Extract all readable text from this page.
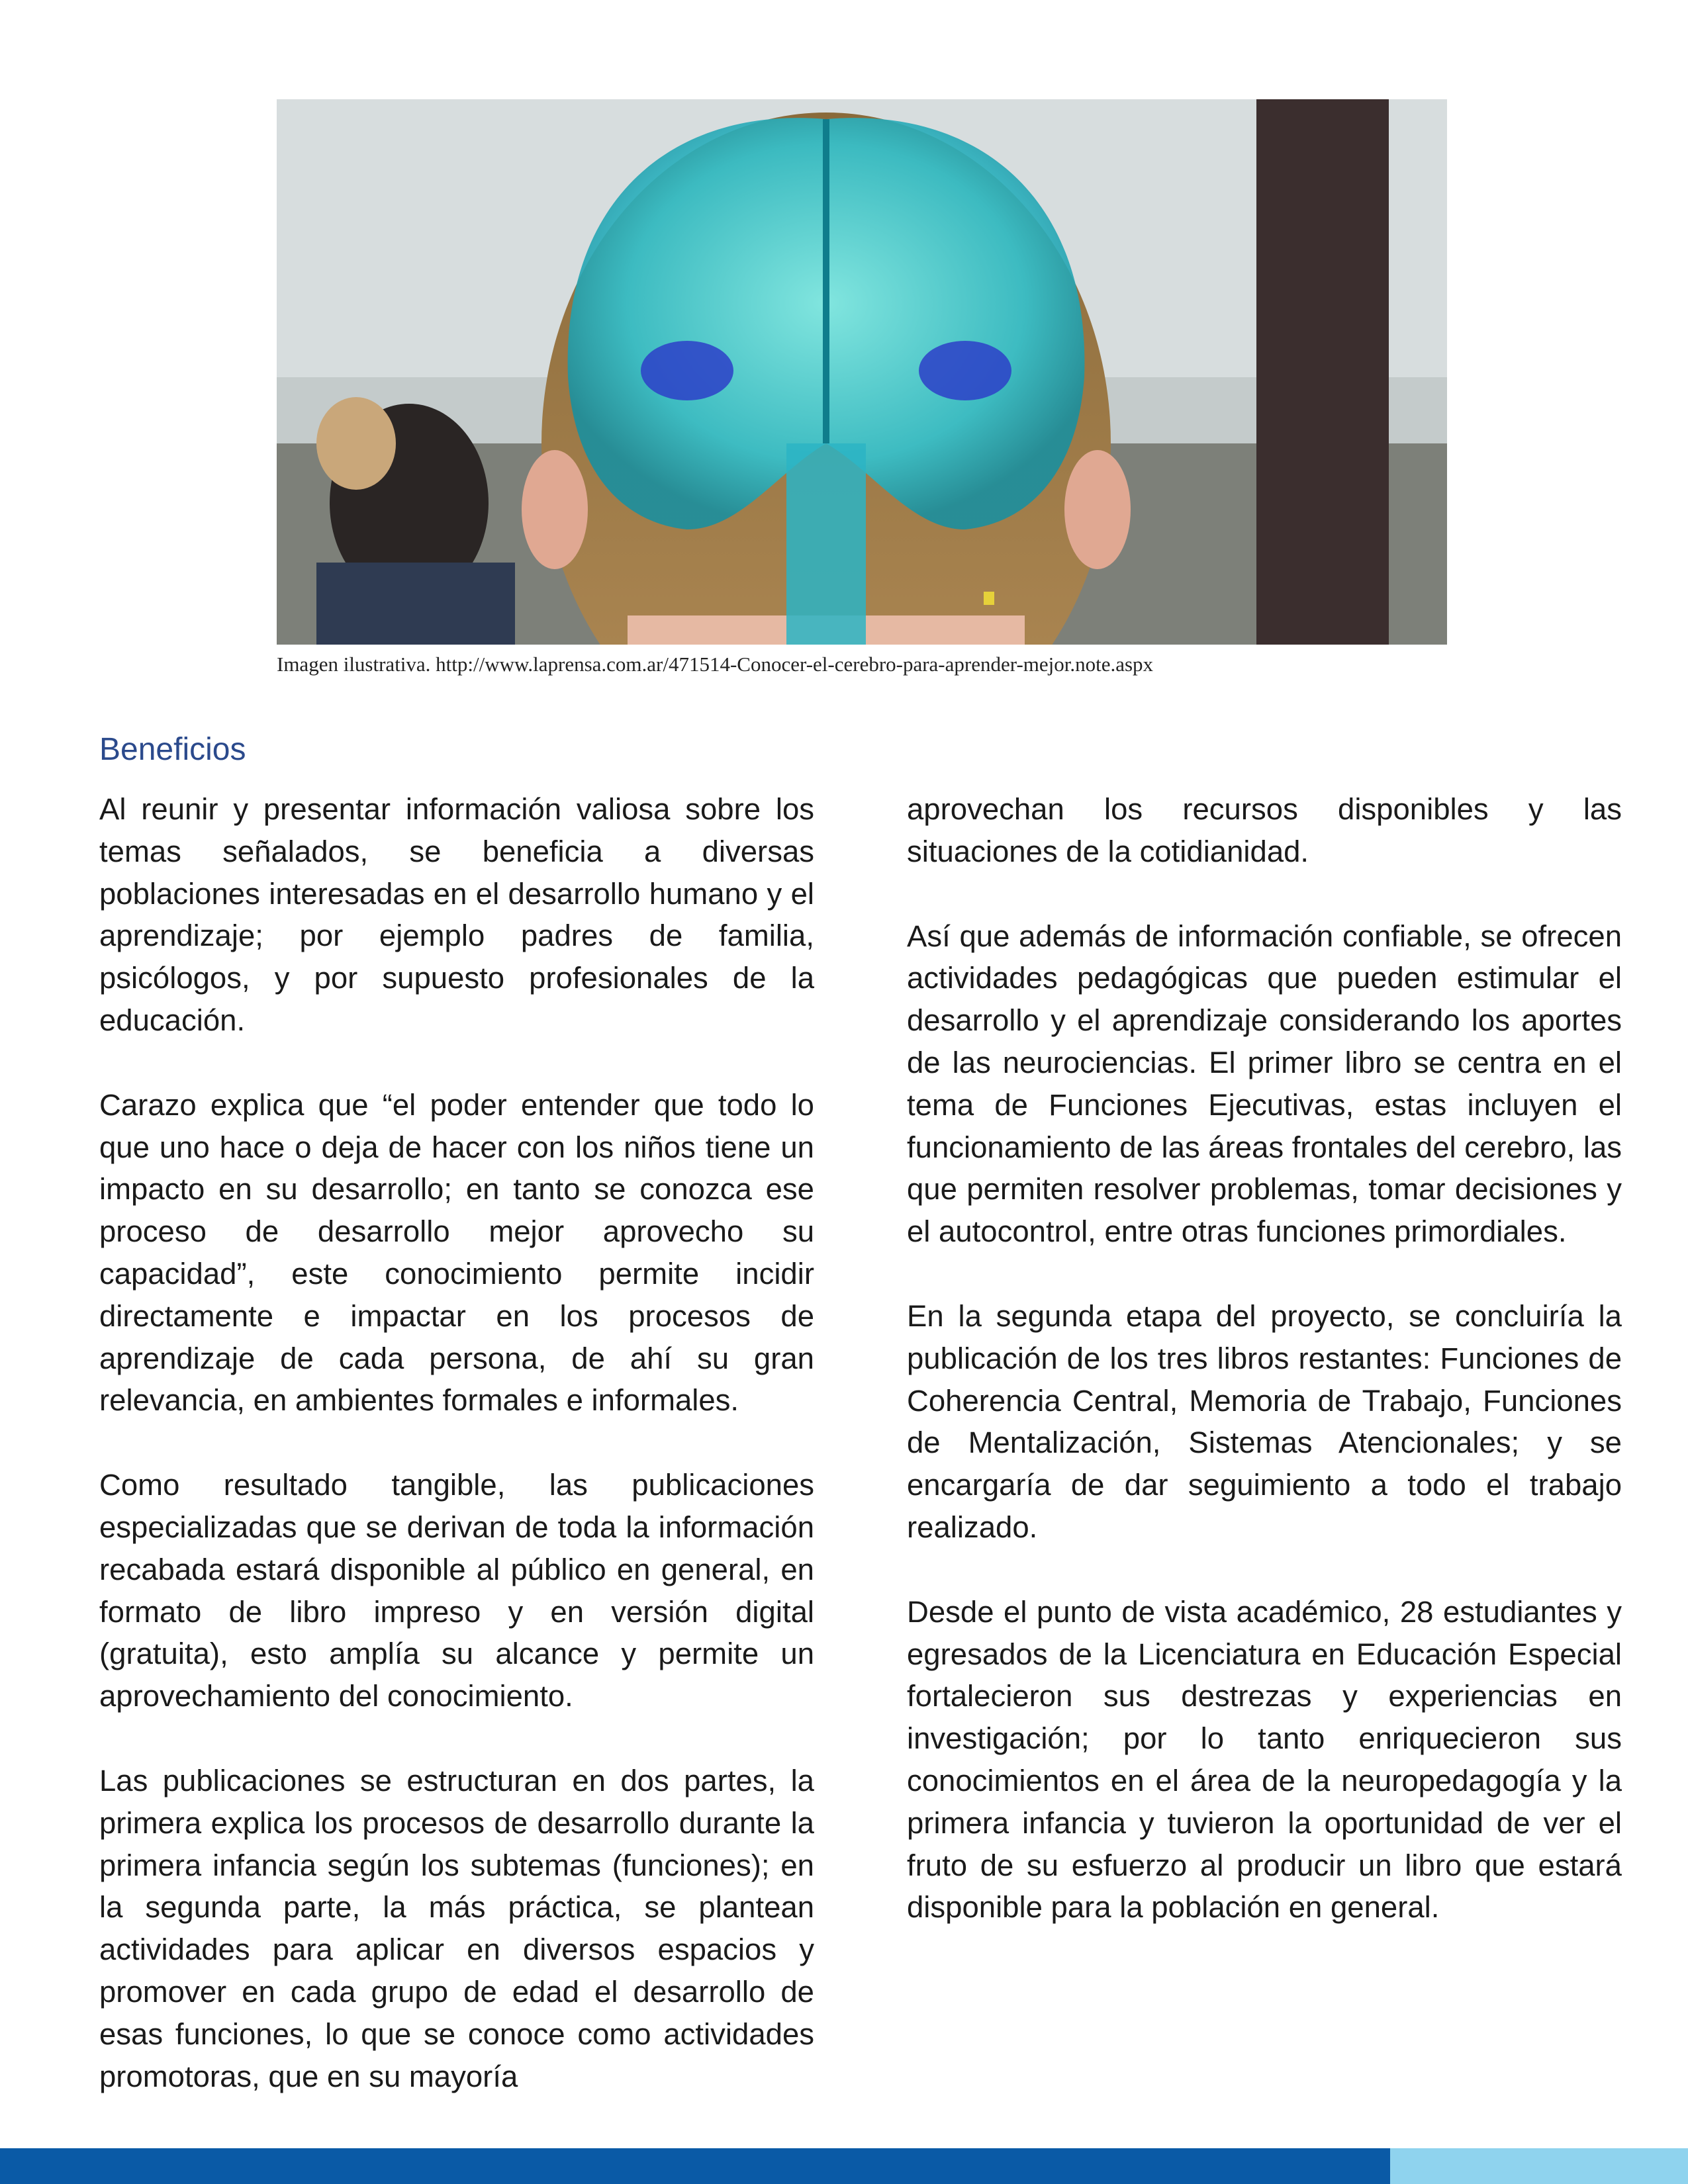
Imagen ilustrativa. http://www.laprensa.com.ar/471514-Conocer-el-cerebro-para-aprender-mejor.note.aspx
Beneficios

Al reunir y presentar información valiosa sobre los temas señalados, se beneficia a diversas poblaciones interesadas en el desarrollo humano y el aprendizaje; por ejemplo padres de familia, psicólogos, y por supuesto profesionales de la educación.

Carazo explica que “el poder entender que todo lo que uno hace o deja de hacer con los niños tiene un impacto en su desarrollo; en tanto se conozca ese proceso de desarrollo mejor aprovecho su capacidad”, este conocimiento permite incidir directamente e impactar en los procesos de aprendizaje de cada persona, de ahí su gran relevancia, en ambientes formales e informales.

Como resultado tangible, las publicaciones especializadas que se derivan de toda la información recabada estará disponible al público en general, en formato de libro impreso y en versión digital (gratuita), esto amplía su alcance y permite un aprovechamiento del conocimiento.

Las publicaciones se estructuran en dos partes, la primera explica los procesos de desarrollo durante la primera infancia según los subtemas (funciones); en la segunda parte, la más práctica, se plantean actividades para aplicar en diversos espacios y promover en cada grupo de edad el desarrollo de esas funciones, lo que se conoce como actividades promotoras, que en su mayoría

aprovechan los recursos disponibles y las situaciones de la cotidianidad.

Así que además de información confiable, se ofrecen actividades pedagógicas que pueden estimular el desarrollo y el aprendizaje considerando los aportes de las neurociencias. El primer libro se centra en el tema de Funciones Ejecutivas, estas incluyen el funcionamiento de las áreas frontales del cerebro, las que permiten resolver problemas, tomar decisiones y el autocontrol, entre otras funciones primordiales.

En la segunda etapa del proyecto, se concluiría la publicación de los tres libros restantes: Funciones de Coherencia Central, Memoria de Trabajo, Funciones de Mentalización, Sistemas Atencionales; y se encargaría de dar seguimiento a todo el trabajo realizado.

Desde el punto de vista académico, 28 estudiantes y egresados de la Licenciatura en Educación Especial fortalecieron sus destrezas y experiencias en investigación; por lo tanto enriquecieron sus conocimientos en el área de la neuropedagogía y la primera infancia y tuvieron la oportunidad de ver el fruto de su esfuerzo al producir un libro que estará disponible para la población en general.
